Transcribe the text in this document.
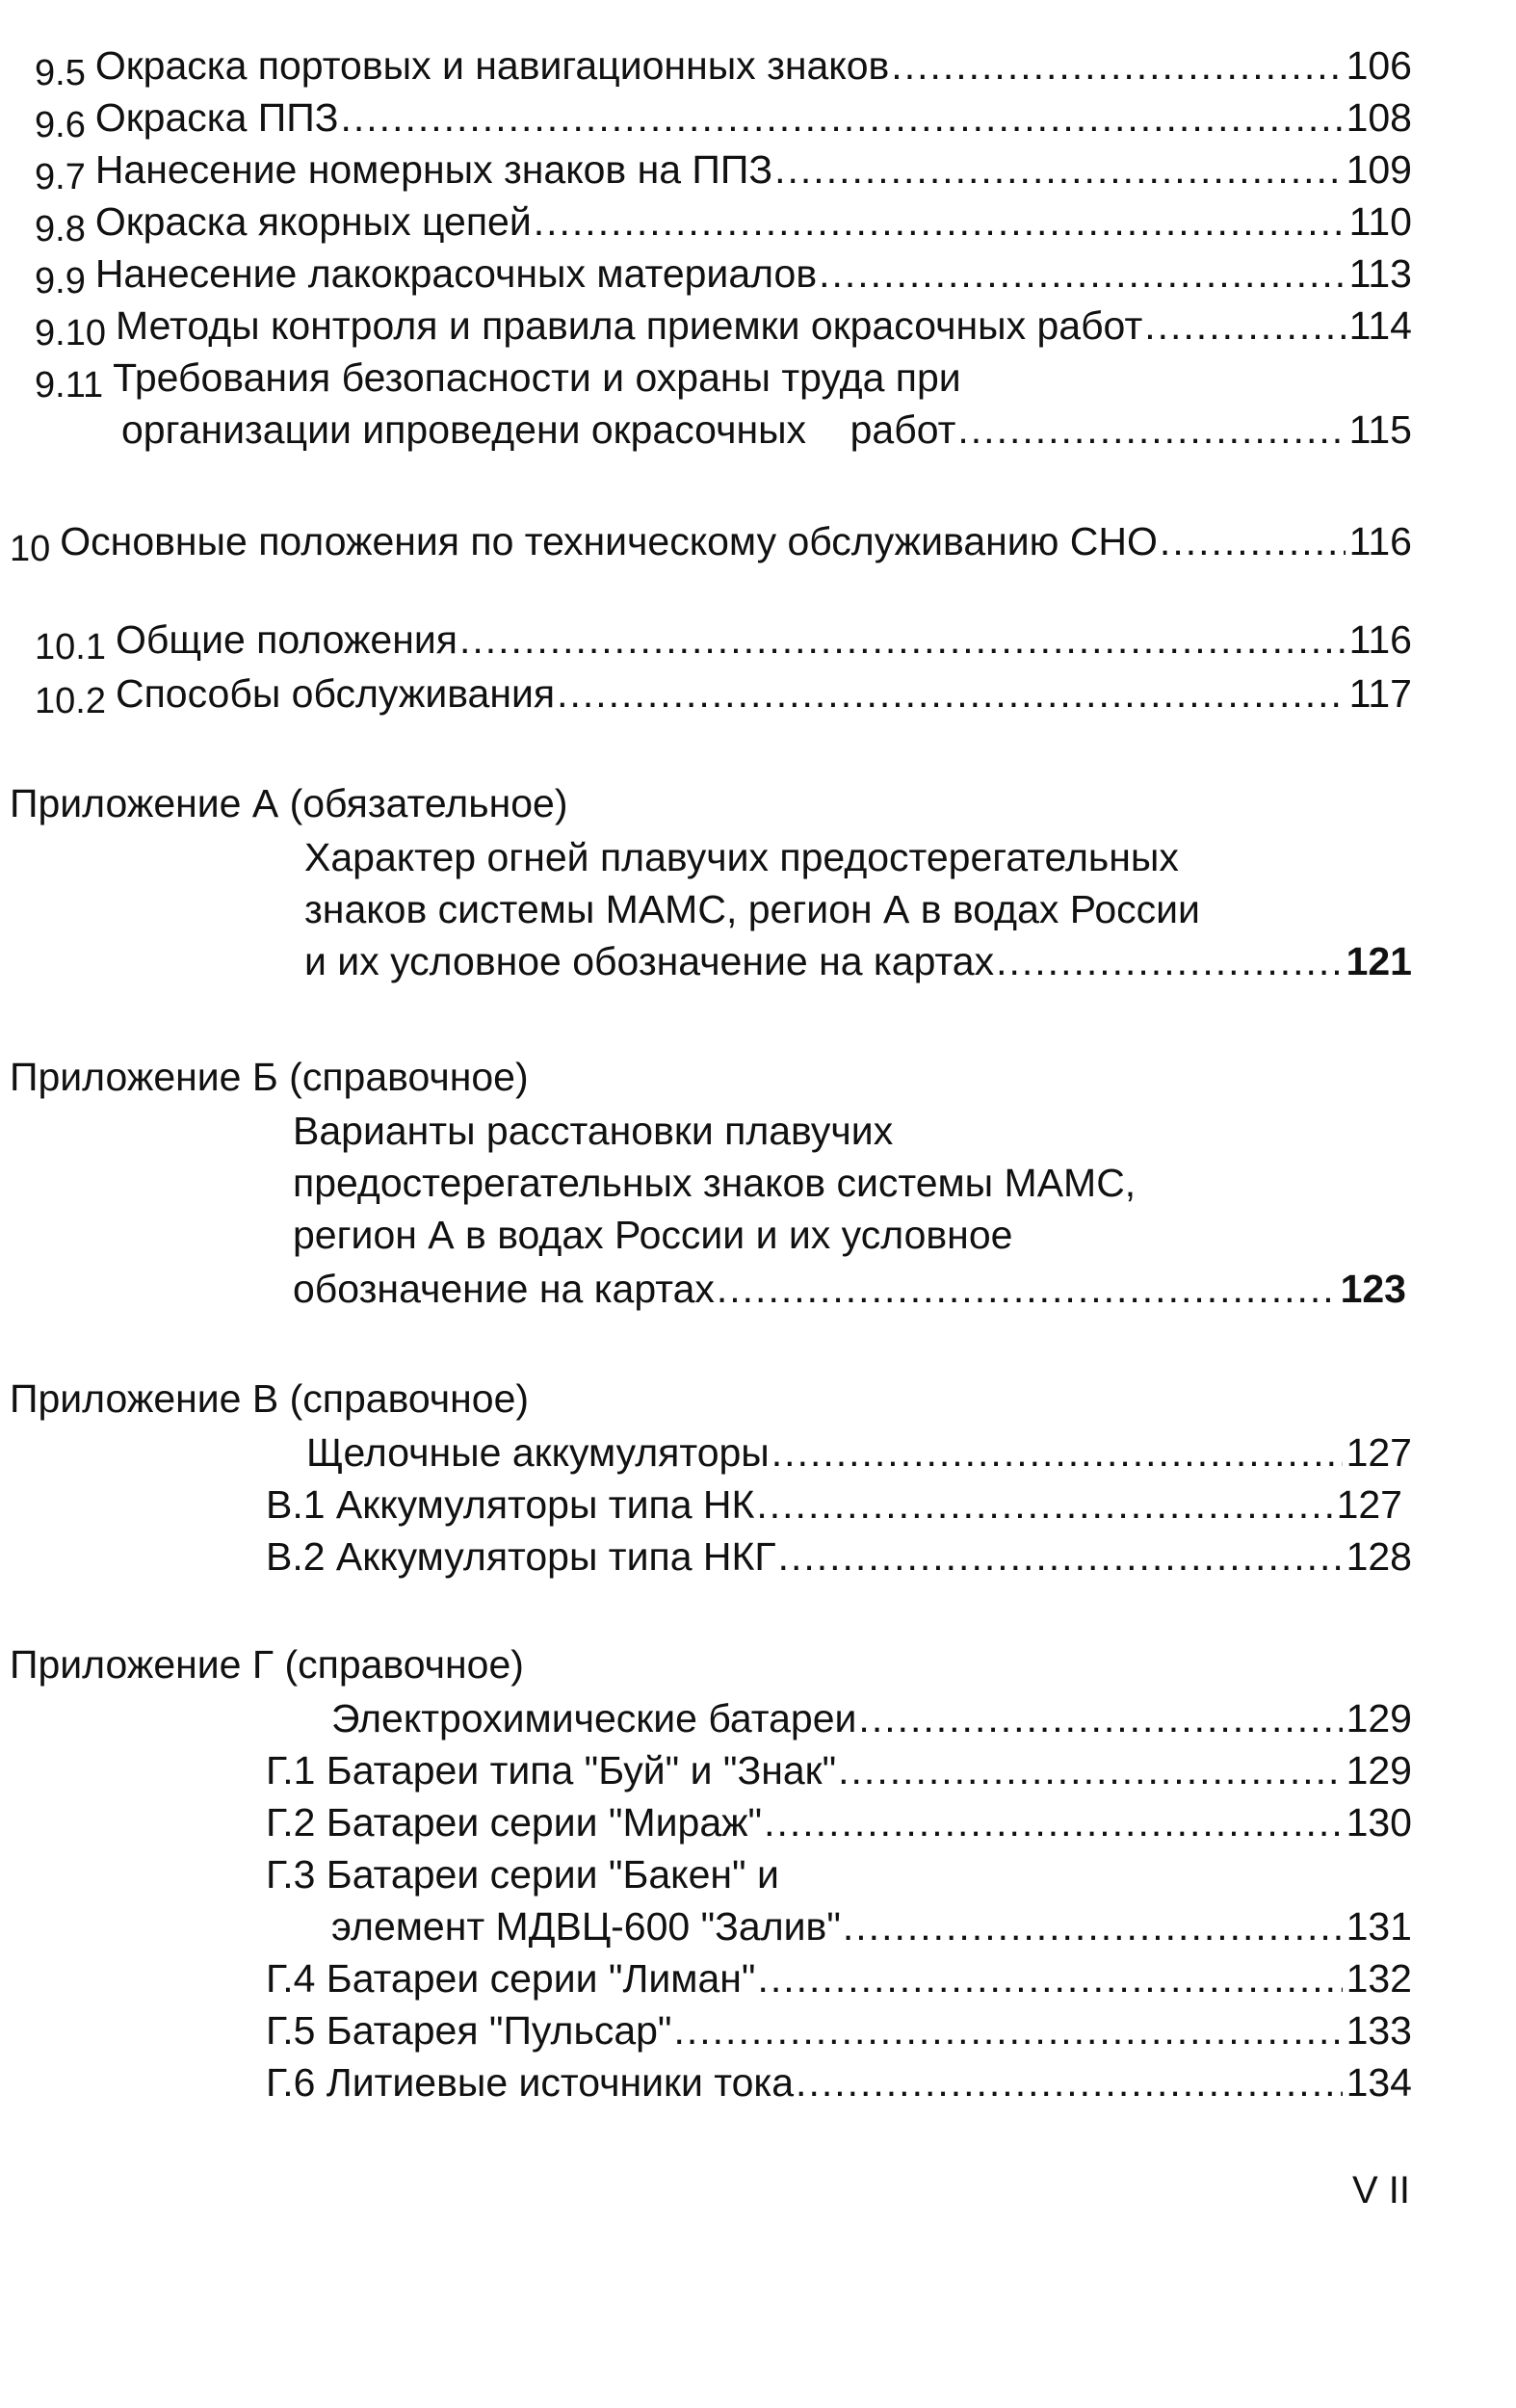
9.5 Окраска портовых и навигационных знаков .....	106
9.6 Окраска ППЗ .....	108
9.7 Нанесение номерных знаков на ППЗ .....	109
9.8 Окраска якорных цепей .....	110
9.9 Нанесение лакокрасочных материалов .....	113
9.10 Методы контроля и правила приемки окрасочных работ .....	114
9.11 Требования безопасности и охраны труда при
организации ипроведени окрасочных    работ .....	115
10 Основные положения по техническому обслуживанию СНО .....	116
10.1 Общие положения .....	116
10.2 Способы обслуживания .....	117
Приложение А (обязательное)
Характер огней плавучих предостерегательных
знаков системы МАМС, регион А в водах России
и их условное обозначение на картах .....	121
Приложение Б (справочное)
Варианты расстановки плавучих
предостерегательных знаков системы МАМС,
регион А в водах России и их условное
обозначение на картах .....	123
Приложение В (справочное)
Щелочные аккумуляторы .....	127
В.1 Аккумуляторы типа НК .....	127
В.2 Аккумуляторы типа НКГ .....	128
Приложение Г (справочное)
Электрохимические батареи .....	129
Г.1 Батареи типа "Буй" и "Знак" .....	129
Г.2 Батареи серии "Мираж" .....	130
Г.3 Батареи серии "Бакен" и
элемент МДВЦ-600 "Залив" .....	131
Г.4 Батареи серии "Лиман" .....	132
Г.5 Батарея "Пульсар" .....	133
Г.6 Литиевые источники тока .....	134
V II
